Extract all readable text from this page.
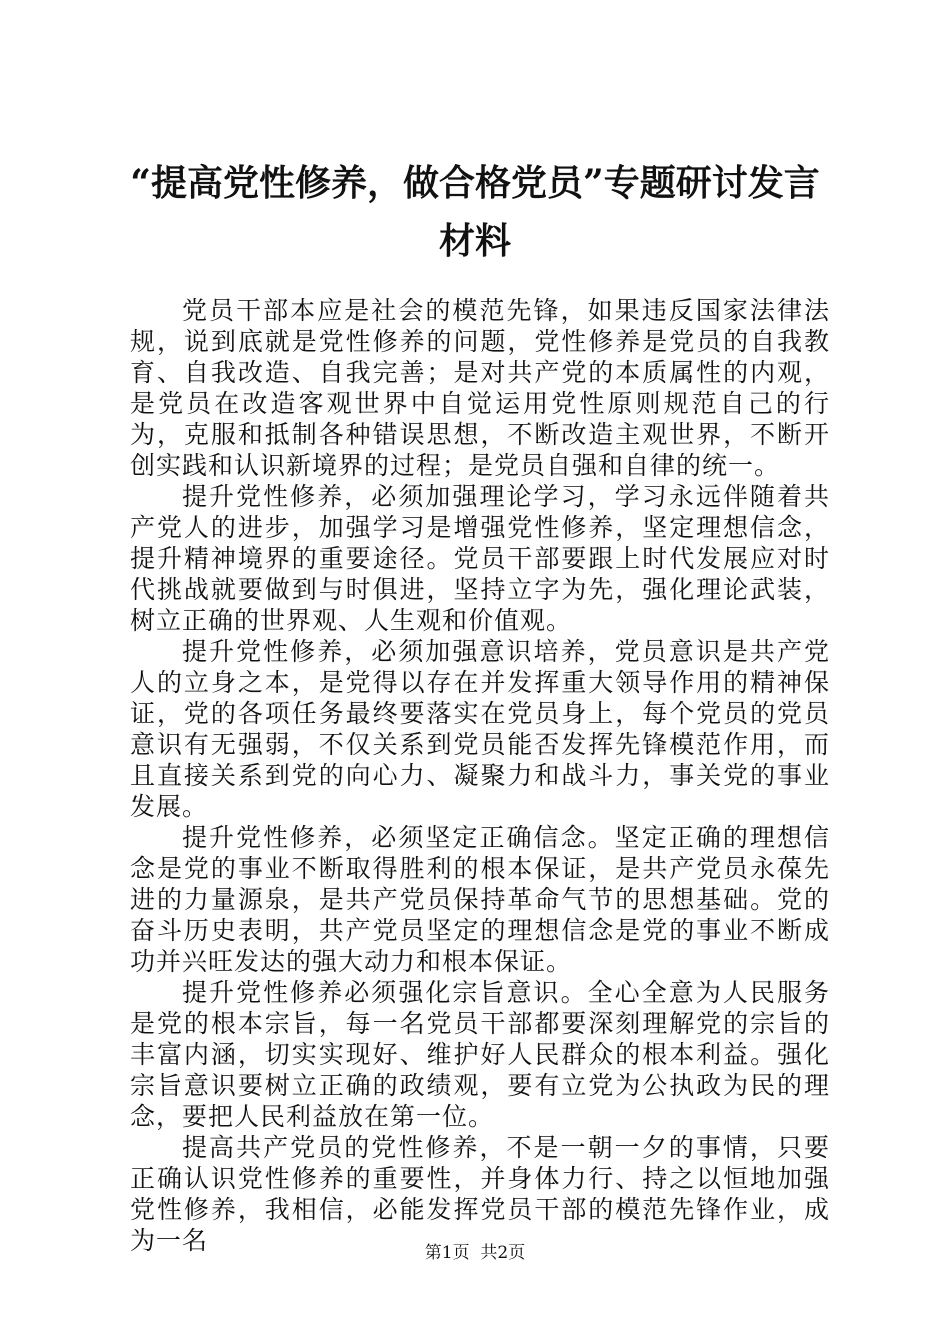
“提高党性修养，做合格党员”专题研讨发言
材料

党员干部本应是社会的模范先锋，如果违反国家法律法规，说到底就是党性修养的问题，党性修养是党员的自我教育、自我改造、自我完善；是对共产党的本质属性的内观，是党员在改造客观世界中自觉运用党性原则规范自己的行为，克服和抵制各种错误思想，不断改造主观世界，不断开创实践和认识新境界的过程；是党员自强和自律的统一。

提升党性修养，必须加强理论学习，学习永远伴随着共产党人的进步，加强学习是增强党性修养，坚定理想信念，提升精神境界的重要途径。党员干部要跟上时代发展应对时代挑战就要做到与时俱进，坚持立字为先，强化理论武装，树立正确的世界观、人生观和价值观。

提升党性修养，必须加强意识培养，党员意识是共产党人的立身之本，是党得以存在并发挥重大领导作用的精神保证，党的各项任务最终要落实在党员身上，每个党员的党员意识有无强弱，不仅关系到党员能否发挥先锋模范作用，而且直接关系到党的向心力、凝聚力和战斗力，事关党的事业发展。

提升党性修养，必须坚定正确信念。坚定正确的理想信念是党的事业不断取得胜利的根本保证，是共产党员永葆先进的力量源泉，是共产党员保持革命气节的思想基础。党的奋斗历史表明，共产党员坚定的理想信念是党的事业不断成功并兴旺发达的强大动力和根本保证。

提升党性修养必须强化宗旨意识。全心全意为人民服务是党的根本宗旨，每一名党员干部都要深刻理解党的宗旨的丰富内涵，切实实现好、维护好人民群众的根本利益。强化宗旨意识要树立正确的政绩观，要有立党为公执政为民的理念，要把人民利益放在第一位。

提高共产党员的党性修养，不是一朝一夕的事情，只要正确认识党性修养的重要性，并身体力行、持之以恒地加强党性修养，我相信，必能发挥党员干部的模范先锋作业，成为一名	第1页  共2页
